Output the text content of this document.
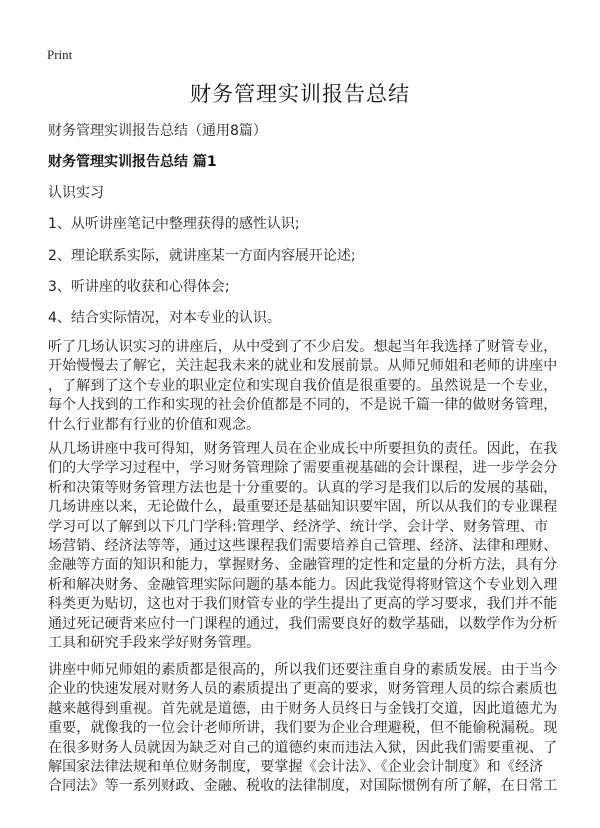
Print
财务管理实训报告总结
财务管理实训报告总结（通用8篇）
财务管理实训报告总结 篇1
认识实习
1、从听讲座笔记中整理获得的感性认识;
2、理论联系实际，就讲座某一方面内容展开论述;
3、听讲座的收获和心得体会;
4、结合实际情况，对本专业的认识。
听了几场认识实习的讲座后，从中受到了不少启发。想起当年我选择了财管专业，
开始慢慢去了解它，关注起我未来的就业和发展前景。从师兄师姐和老师的讲座中
，了解到了这个专业的职业定位和实现自我价值是很重要的。虽然说是一个专业，
每个人找到的工作和实现的社会价值都是不同的，不是说千篇一律的做财务管理，
什么行业都有行业的价值和观念。
从几场讲座中我可得知，财务管理人员在企业成长中所要担负的责任。因此，在我
们的大学学习过程中，学习财务管理除了需要重视基础的会计课程，进一步学会分
析和决策等财务管理方法也是十分重要的。认真的学习是我们以后的发展的基础，
几场讲座以来，无论做什么，最重要还是基础知识要牢固，所以从我们的专业课程
学习可以了解到以下几门学科:管理学、经济学、统计学、会计学、财务管理、市
场营销、经济法等等，通过这些课程我们需要培养自己管理、经济、法律和理财、
金融等方面的知识和能力，掌握财务、金融管理的定性和定量的分析方法，具有分
析和解决财务、金融管理实际问题的基本能力。因此我觉得将财管这个专业划入理
科类更为贴切，这也对于我们财管专业的学生提出了更高的学习要求，我们并不能
通过死记硬背来应付一门课程的通过，我们需要良好的数学基础，以数学作为分析
工具和研究手段来学好财务管理。
讲座中师兄师姐的素质都是很高的，所以我们还要注重自身的素质发展。由于当今
企业的快速发展对财务人员的素质提出了更高的要求，财务管理人员的综合素质也
越来越得到重视。首先就是道德，由于财务人员终日与金钱打交道，因此道德尤为
重要，就像我的一位会计老师所讲，我们要为企业合理避税，但不能偷税漏税。现
在很多财务人员就因为缺乏对自己的道德约束而违法入狱，因此我们需要重视、了
解国家法律法规和单位财务制度，要掌握《会计法》、《企业会计制度》和《经济
合同法》等一系列财政、金融、税收的法律制度，对国际惯例有所了解，在日常工
